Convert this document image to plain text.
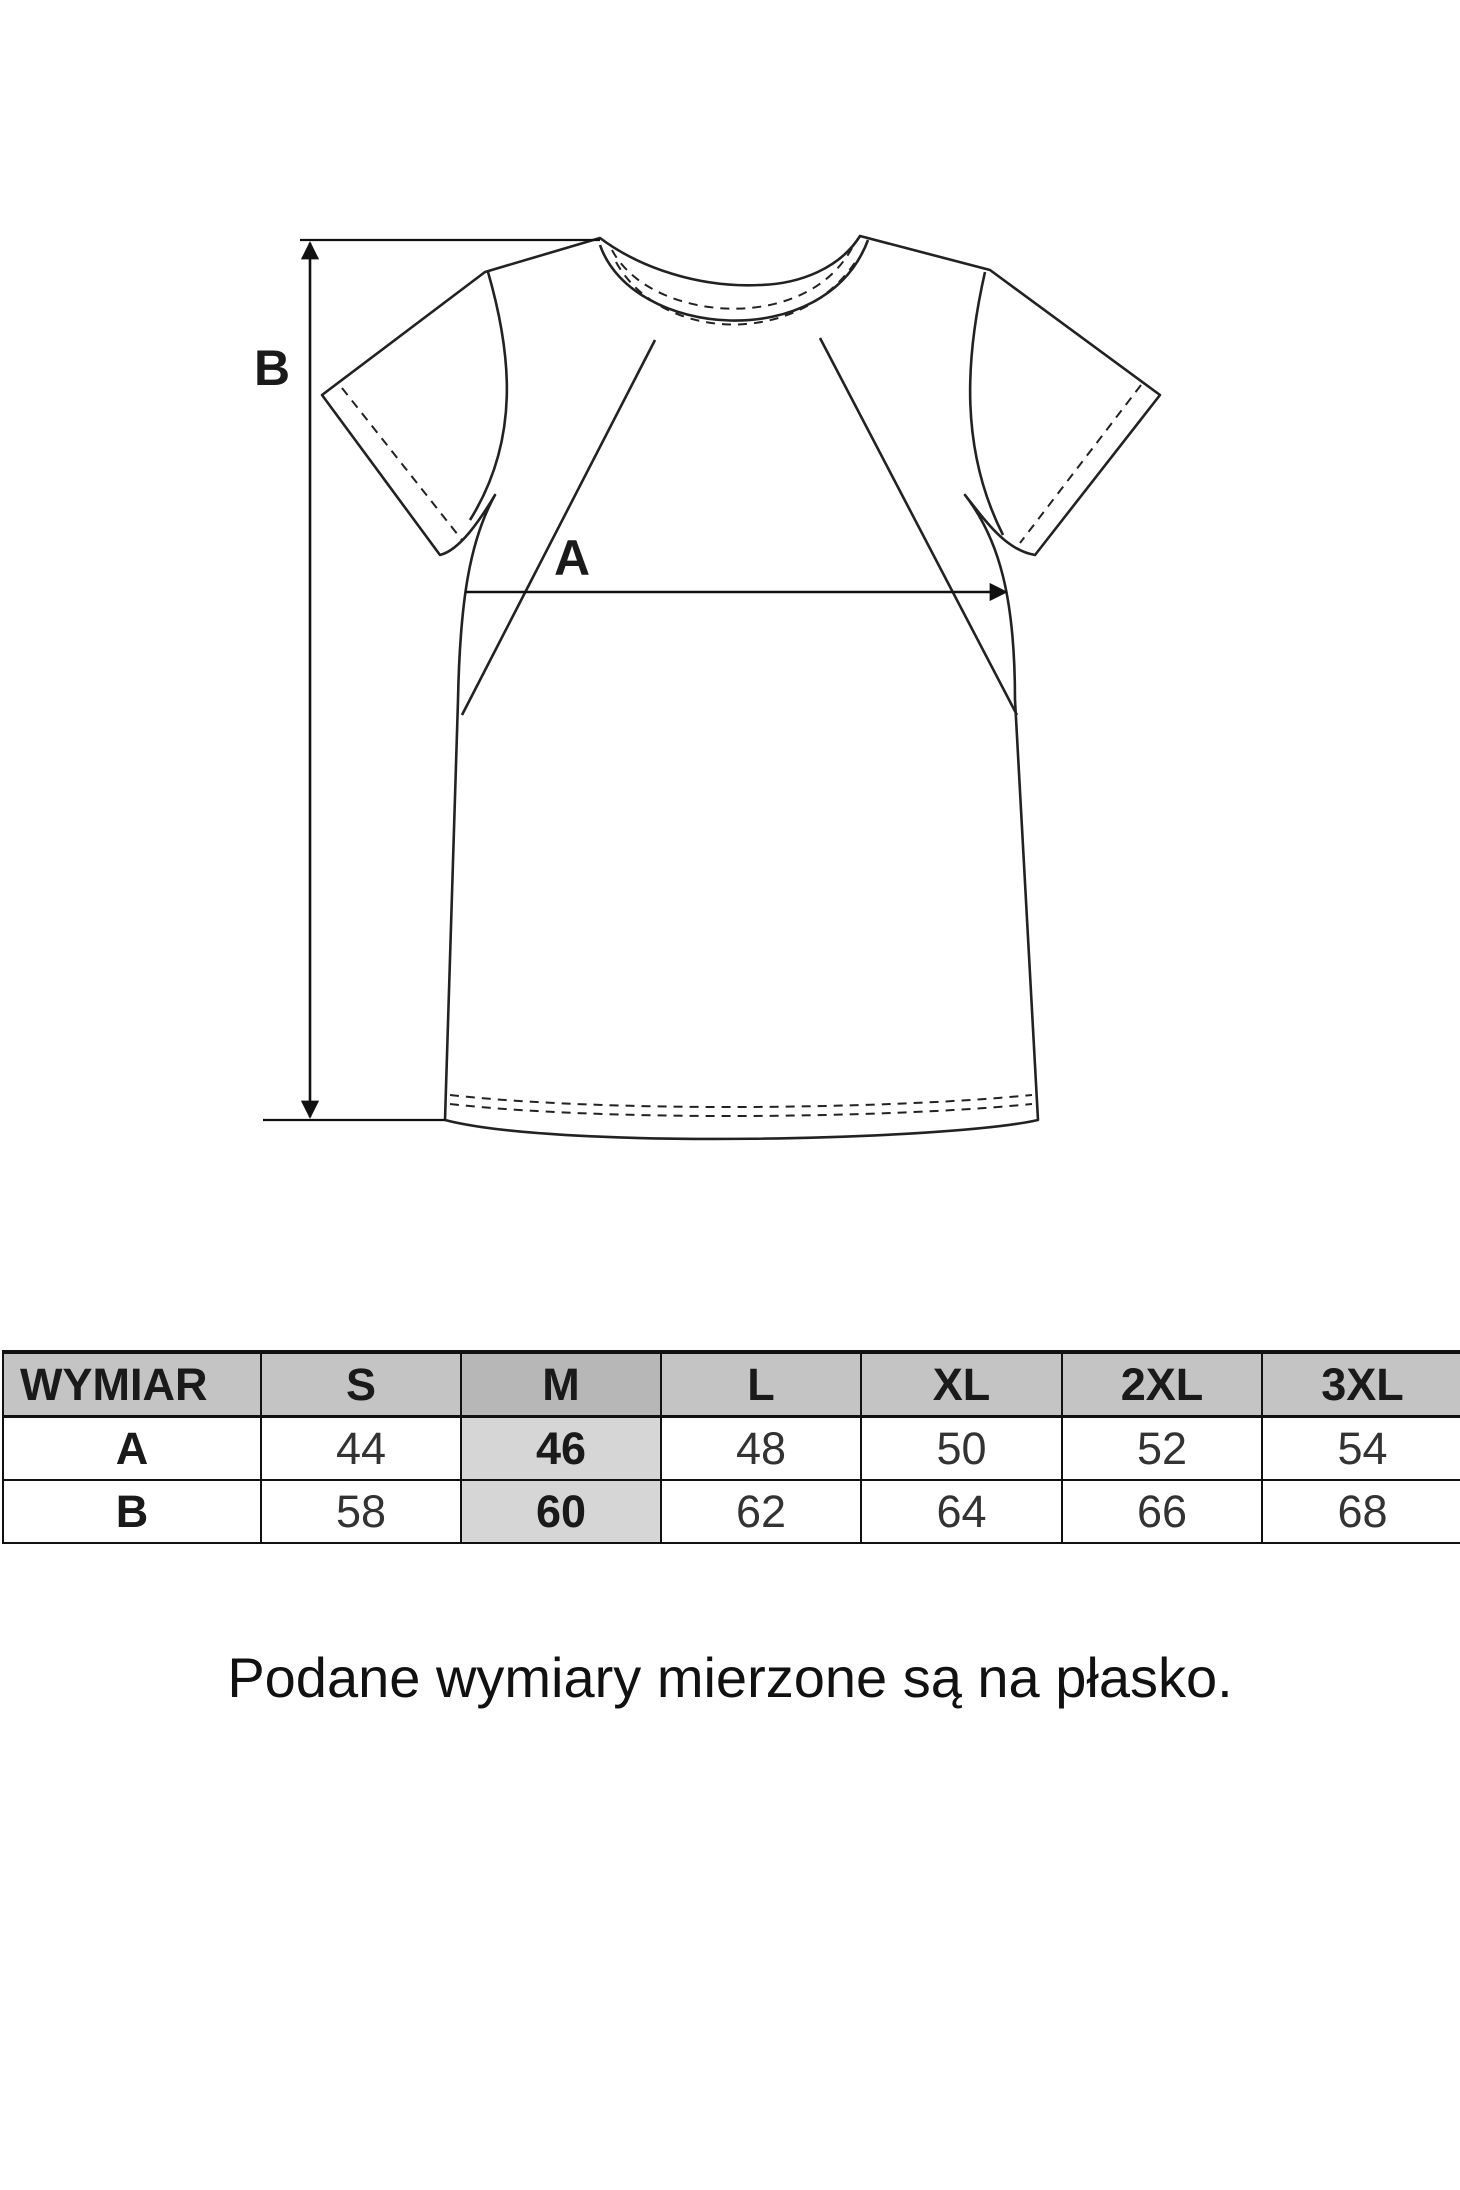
A
B
WYMIAR	S	M	L	XL	2XL	3XL
A	44	46	48	50	52	54
B	58	60	62	64	66	68
Podane wymiary mierzone są na płasko.
